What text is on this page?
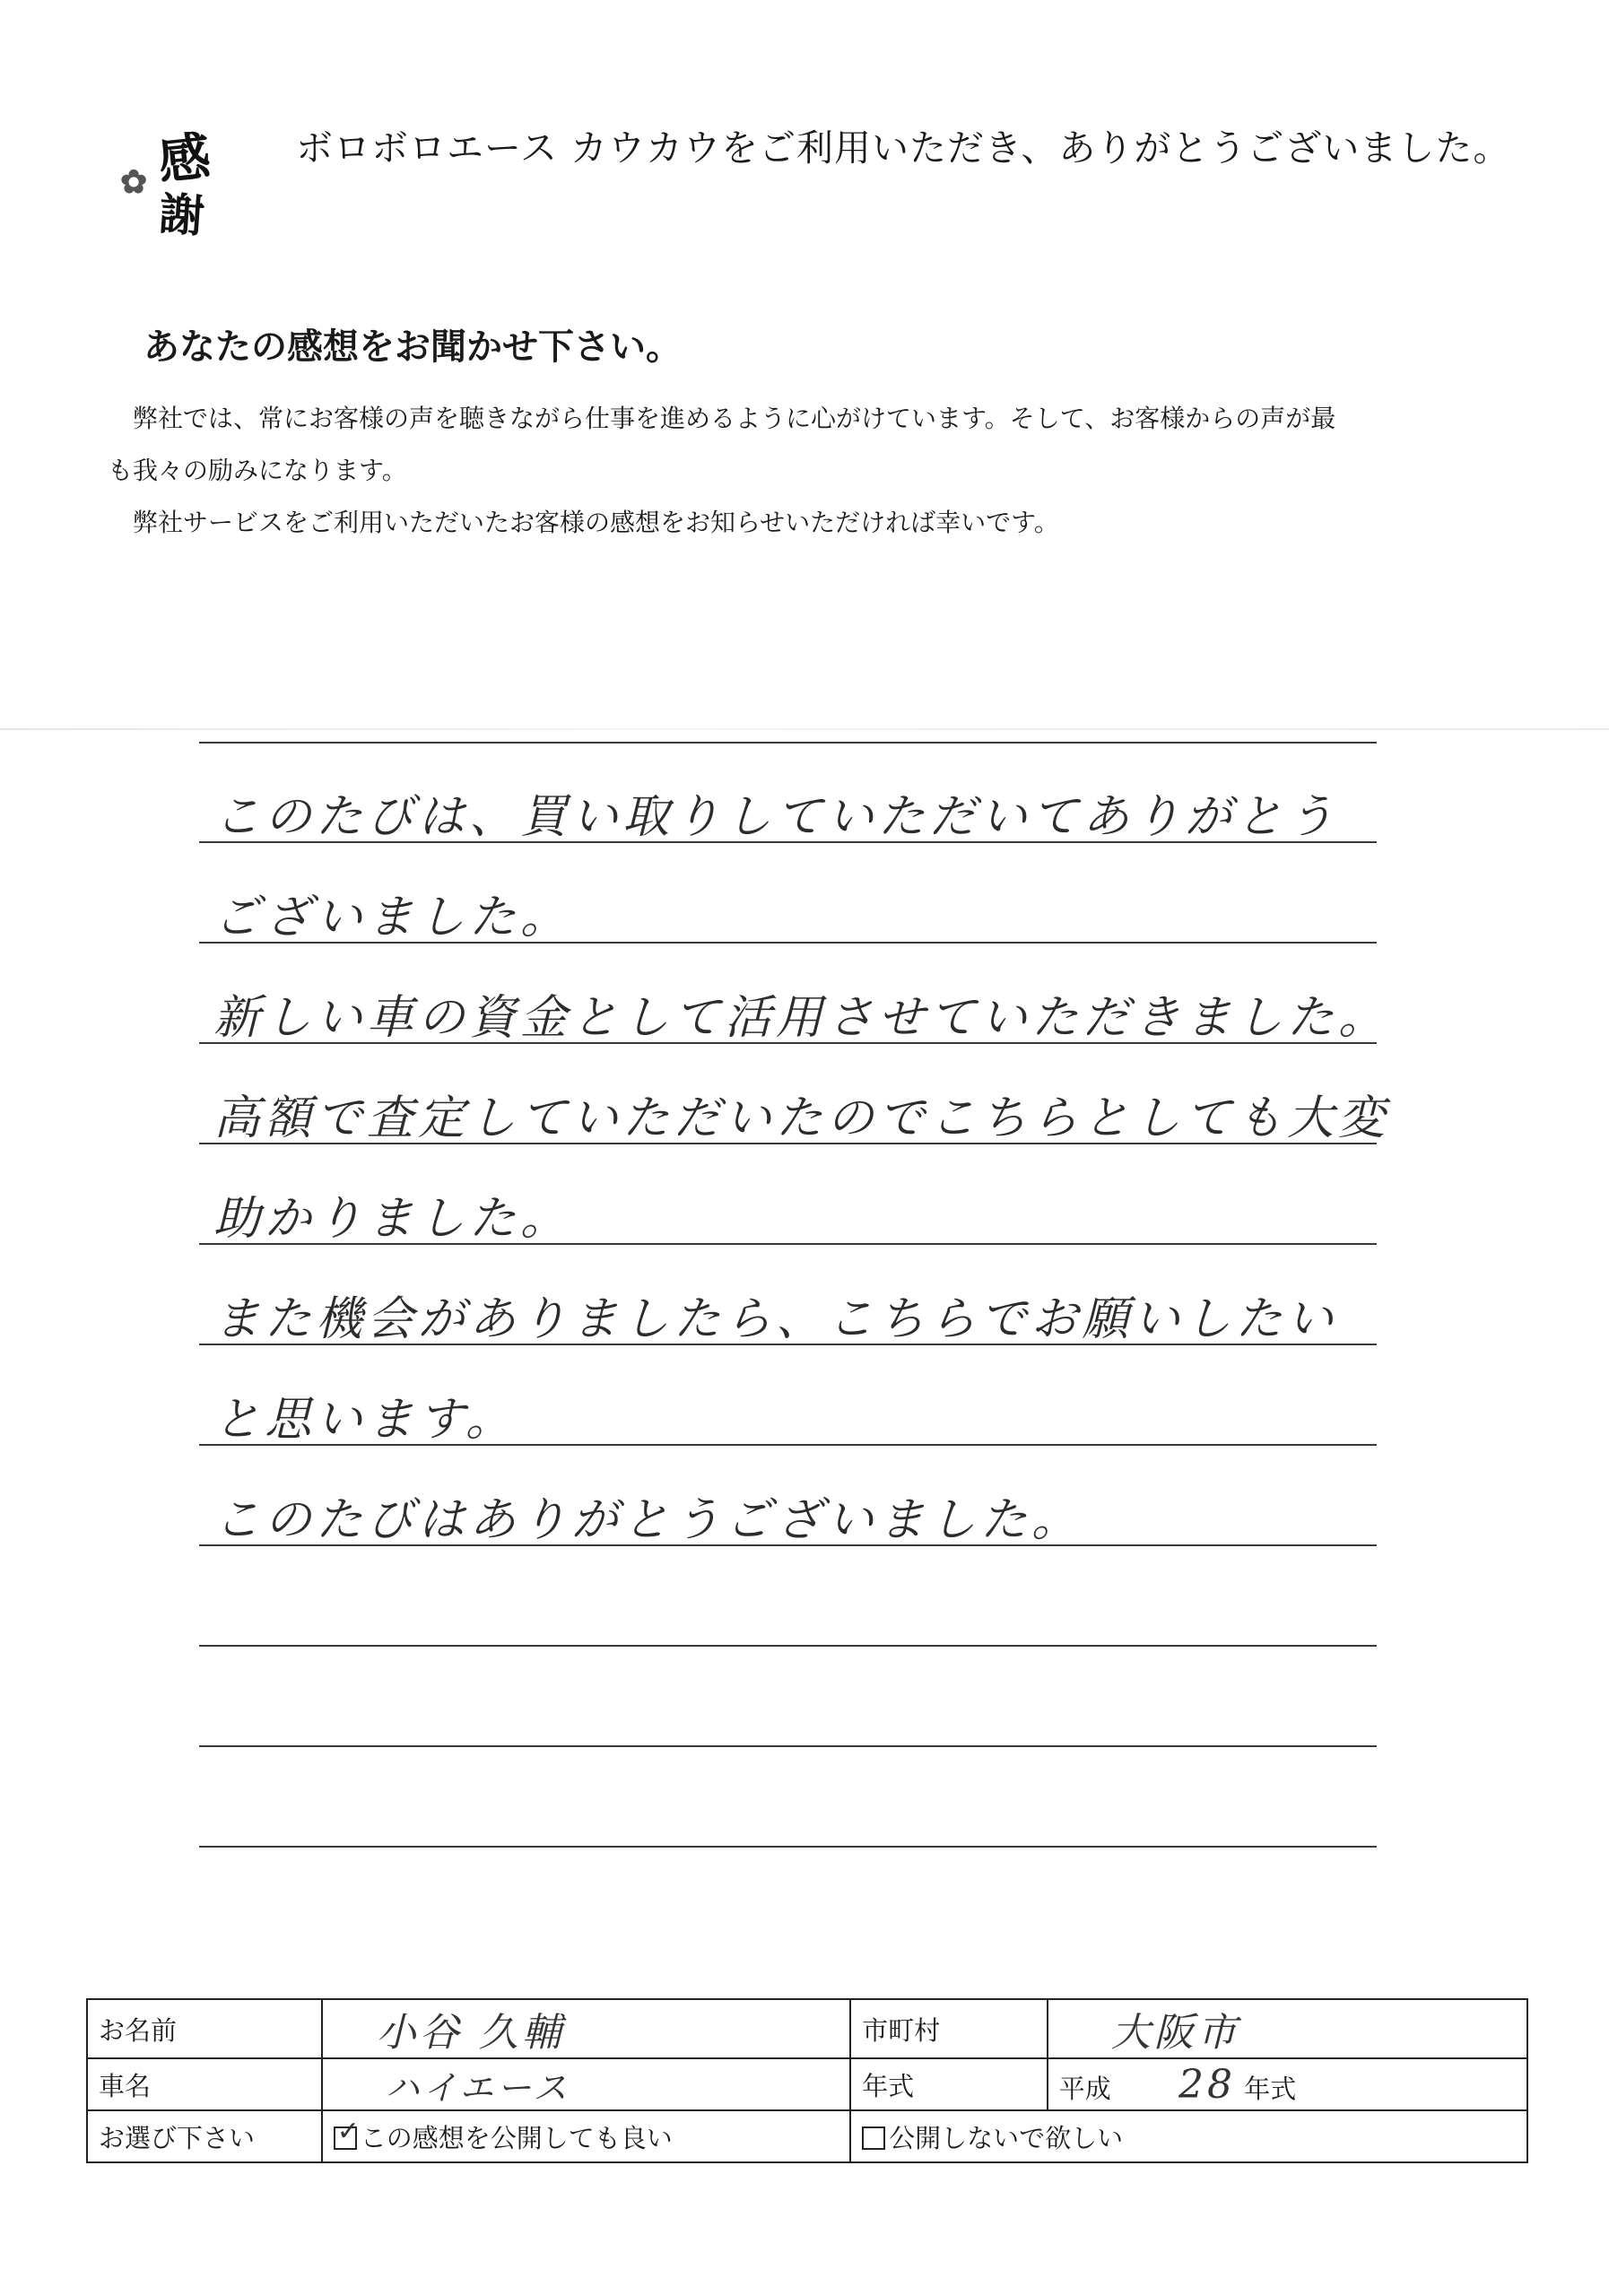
感
✿
謝
ボロボロエース カウカウをご利用いただき、ありがとうございました。
あなたの感想をお聞かせ下さい。
　弊社では、常にお客様の声を聴きながら仕事を進めるように心がけています。そして、お客様からの声が最
も我々の励みになります。
　弊社サービスをご利用いただいたお客様の感想をお知らせいただければ幸いです。
このたびは、買い取りしていただいてありがとう
ございました。
新しい車の資金として活用させていただきました。
高額で査定していただいたのでこちらとしても大変
助かりました。
また機会がありましたら、こちらでお願いしたい
と思います。
このたびはありがとうございました。
お名前	小谷 久輔	市町村	大阪市
車名	ハイエース	年式	平成 28 年式
お選び下さい	✓ この感想を公開しても良い	公開しないで欲しい	
